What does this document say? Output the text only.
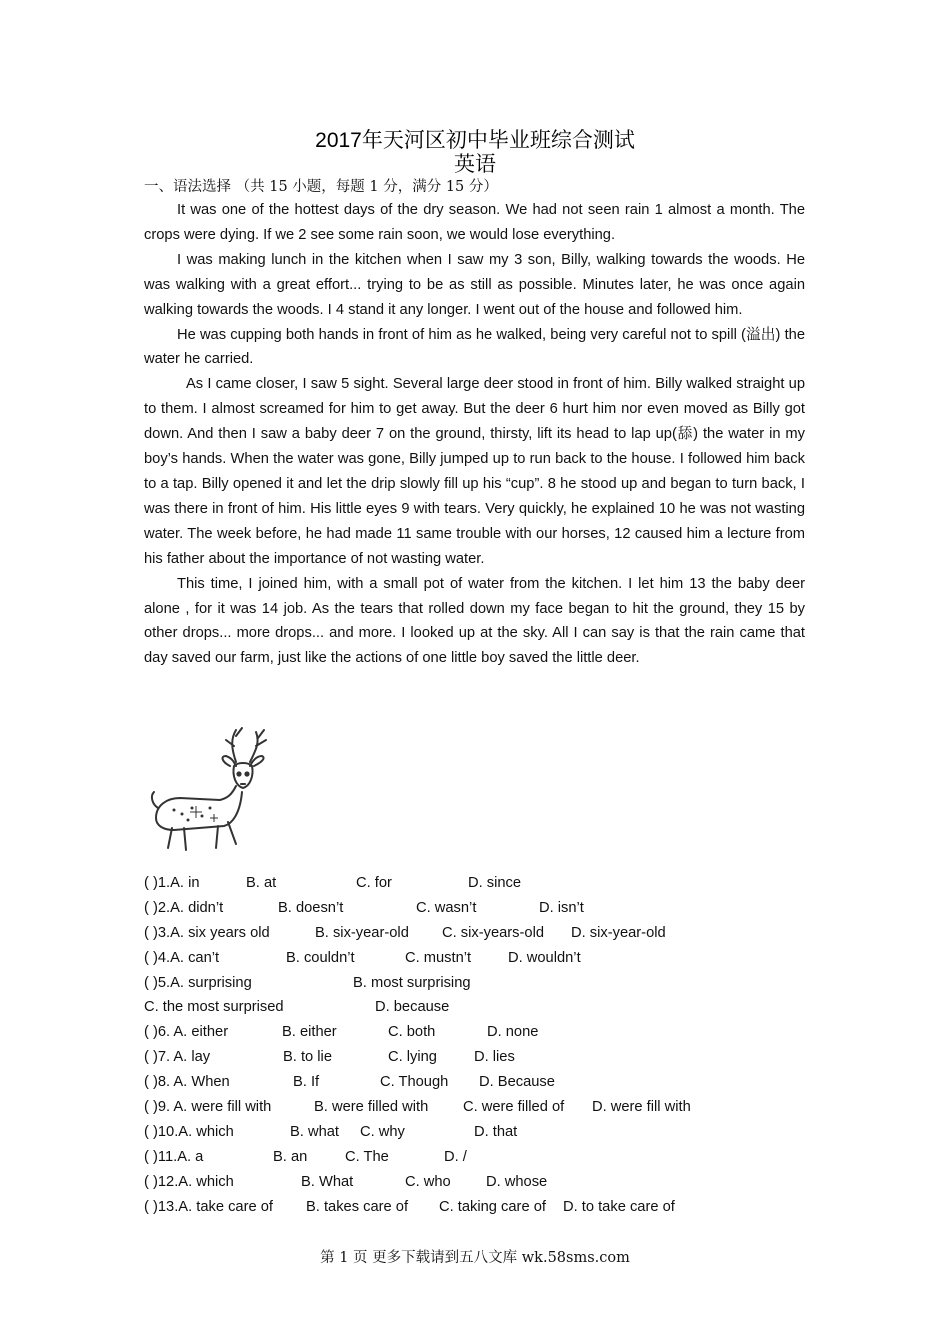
2017年天河区初中毕业班综合测试
英语
一、语法选择 （共 15 小题，每题 1 分，满分 15 分）

It was one of the hottest days of the dry season. We had not seen rain 1 almost a month. The crops were dying. If we 2 see some rain soon, we would lose everything.

I was making lunch in the kitchen when I saw my 3 son, Billy, walking towards the woods. He was walking with a great effort... trying to be as still as possible. Minutes later, he was once again walking towards the woods. I 4 stand it any longer. I went out of the house and followed him.

He was cupping both hands in front of him as he walked, being very careful not to spill (溢出) the water he carried.

As I came closer, I saw 5 sight. Several large deer stood in front of him. Billy walked straight up to them. I almost screamed for him to get away. But the deer 6 hurt him nor even moved as Billy got down. And then I saw a baby deer 7 on the ground, thirsty, lift its head to lap up(舔) the water in my boy’s hands. When the water was gone, Billy jumped up to run back to the house. I followed him back to a tap. Billy opened it and let the drip slowly fill up his “cup”. 8 he stood up and began to turn back, I was there in front of him. His little eyes 9 with tears. Very quickly, he explained 10 he was not wasting water. The week before, he had made 11 same trouble with our horses, 12 caused him a lecture from his father about the importance of not wasting water.

This time, I joined him, with a small pot of water from the kitchen. I let him 13 the baby deer alone , for it was 14 job. As the tears that rolled down my face began to hit the ground, they 15 by other drops... more drops... and more. I looked up at the sky. All I can say is that the rain came that day saved our farm, just like the actions of one little boy saved the little deer.

( )1.A. in	B. at	C. for	D. since
( )2.A. didn’t	B. doesn’t	C. wasn’t	D. isn’t
( )3.A. six years old	B. six-year-old C. six-years-old D. six-year-old
( )4.A. can’t	B. couldn’t	C. mustn’t	D. wouldn’t
( )5.A. surprising	B. most surprising
C. the most surprised	D. because
( )6. A. either	B. either	C. both	D. none
( )7. A. lay	B. to lie	C. lying	D. lies
( )8. A. When	B. If	C. Though D. Because
( )9. A. were fill with	B. were filled with C. were filled of D. were fill with
( )10.A. which	B. what C. why	D. that
( )11.A. a	B. an	C. The	D. /
( )12.A. which	B. What	C. who D. whose
( )13.A. take care of B. takes care of C. taking care of D. to take care of
第 1 页 更多下载请到五八文库 wk.58sms.com
